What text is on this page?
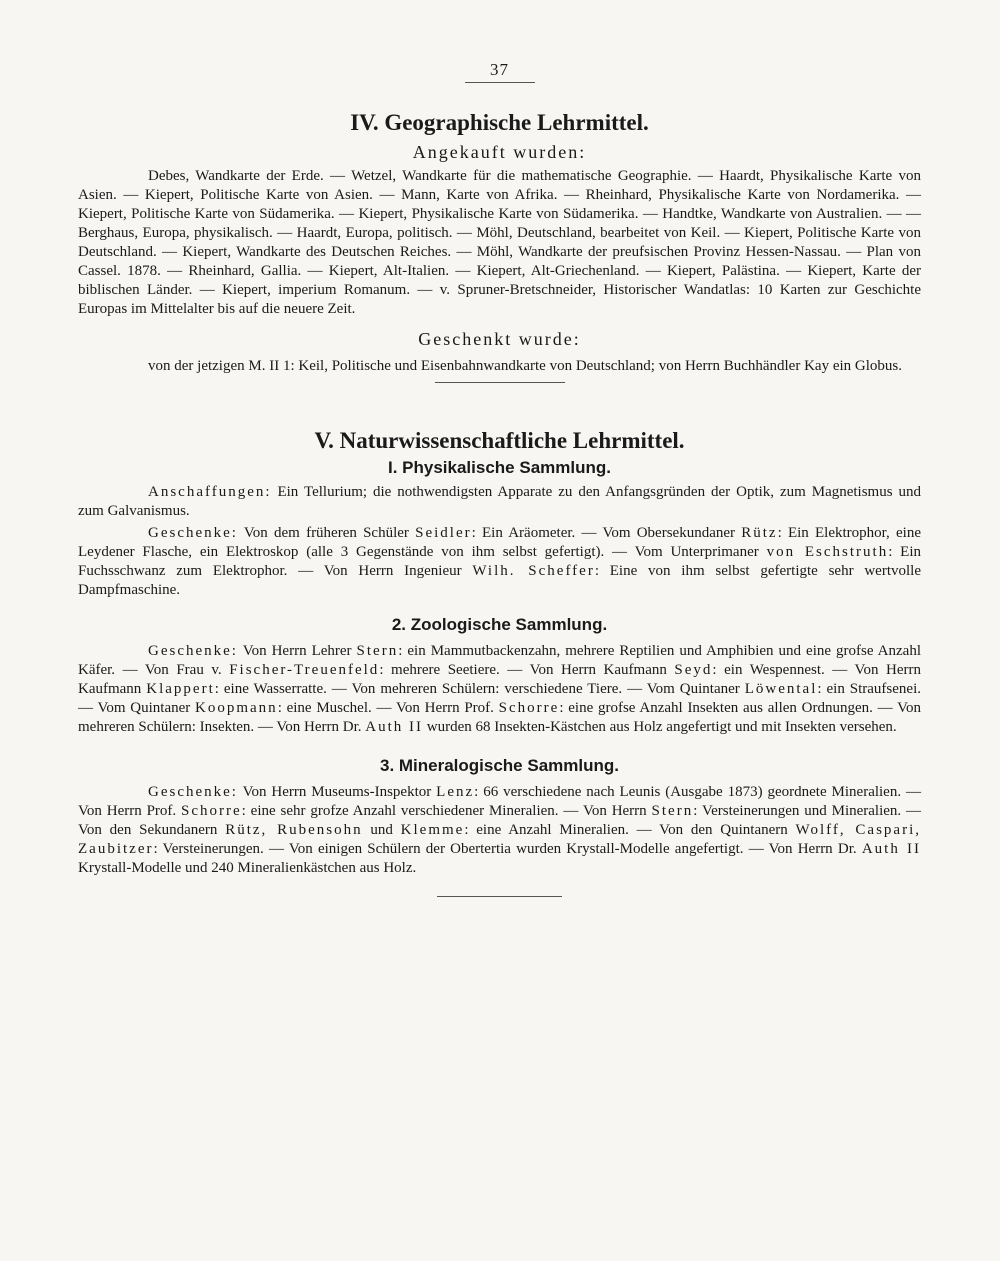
37
IV. Geographische Lehrmittel.

Angekauft wurden:

Debes, Wandkarte der Erde. — Wetzel, Wandkarte für die mathematische Geographie. — Haardt, Physikalische Karte von Asien. — Kiepert, Politische Karte von Asien. — Mann, Karte von Afrika. — Rheinhard, Physikalische Karte von Nordamerika. — Kiepert, Politische Karte von Südamerika. — Kiepert, Physikalische Karte von Südamerika. — Handtke, Wandkarte von Australien. — — Berghaus, Europa, physikalisch. — Haardt, Europa, politisch. — Möhl, Deutschland, bearbeitet von Keil. — Kiepert, Politische Karte von Deutschland. — Kiepert, Wandkarte des Deutschen Reiches. — Möhl, Wandkarte der preufsischen Provinz Hessen-Nassau. — Plan von Cassel. 1878. — Rheinhard, Gallia. — Kiepert, Alt-Italien. — Kiepert, Alt-Griechenland. — Kiepert, Palästina. — Kiepert, Karte der biblischen Länder. — Kiepert, imperium Romanum. — v. Spruner-Bretschneider, Historischer Wandatlas: 10 Karten zur Geschichte Europas im Mittelalter bis auf die neuere Zeit.

Geschenkt wurde:

von der jetzigen M. II 1: Keil, Politische und Eisenbahnwandkarte von Deutschland; von Herrn Buchhändler Kay ein Globus.

V. Naturwissenschaftliche Lehrmittel.
I. Physikalische Sammlung.

Anschaffungen: Ein Tellurium; die nothwendigsten Apparate zu den Anfangsgründen der Optik, zum Magnetismus und zum Galvanismus.

Geschenke: Von dem früheren Schüler Seidler: Ein Aräometer. — Vom Obersekundaner Rütz: Ein Elektrophor, eine Leydener Flasche, ein Elektroskop (alle 3 Gegenstände von ihm selbst gefertigt). — Vom Unterprimaner von Eschstruth: Ein Fuchsschwanz zum Elektrophor. — Von Herrn Ingenieur Wilh. Scheffer: Eine von ihm selbst gefertigte sehr wertvolle Dampfmaschine.

2. Zoologische Sammlung.

Geschenke: Von Herrn Lehrer Stern: ein Mammutbackenzahn, mehrere Reptilien und Amphibien und eine grofse Anzahl Käfer. — Von Frau v. Fischer-Treuenfeld: mehrere Seetiere. — Von Herrn Kaufmann Seyd: ein Wespennest. — Von Herrn Kaufmann Klappert: eine Wasserratte. — Von mehreren Schülern: verschiedene Tiere. — Vom Quintaner Löwental: ein Straufsenei. — Vom Quintaner Koopmann: eine Muschel. — Von Herrn Prof. Schorre: eine grofse Anzahl Insekten aus allen Ordnungen. — Von mehreren Schülern: Insekten. — Von Herrn Dr. Auth II wurden 68 Insekten-Kästchen aus Holz angefertigt und mit Insekten versehen.

3. Mineralogische Sammlung.

Geschenke: Von Herrn Museums-Inspektor Lenz: 66 verschiedene nach Leunis (Ausgabe 1873) geordnete Mineralien. — Von Herrn Prof. Schorre: eine sehr grofze Anzahl verschiedener Mineralien. — Von Herrn Stern: Versteinerungen und Mineralien. — Von den Sekundanern Rütz, Rubensohn und Klemme: eine Anzahl Mineralien. — Von den Quintanern Wolff, Caspari, Zaubitzer: Versteinerungen. — Von einigen Schülern der Obertertia wurden Krystall-Modelle angefertigt. — Von Herrn Dr. Auth II Krystall-Modelle und 240 Mineralienkästchen aus Holz.
